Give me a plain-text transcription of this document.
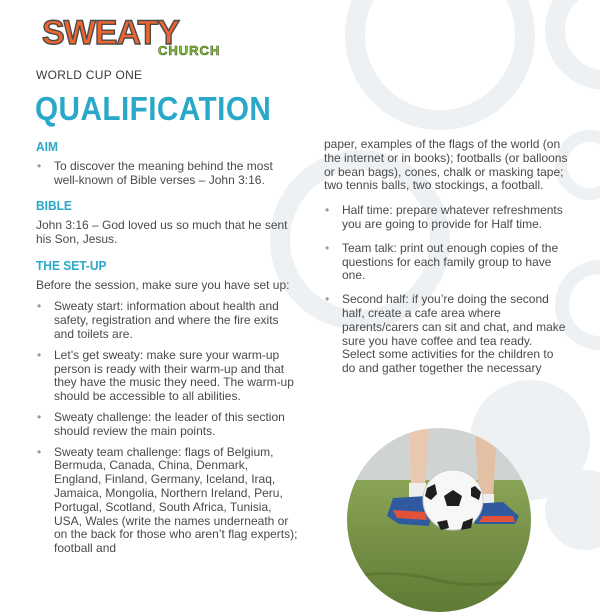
SWEATY
CHURCH
WORLD CUP ONE
QUALIFICATION
AIM
• To discover the meaning behind the most well-known of Bible verses – John 3:16.
BIBLE

John 3:16 – God loved us so much that he sent his Son, Jesus.

THE SET-UP

Before the session, make sure you have set up:

• Sweaty start: information about health and safety, registration and where the fire exits and toilets are.
• Let’s get sweaty: make sure your warm-up person is ready with their warm-up and that they have the music they need. The warm-up should be accessible to all abilities.
• Sweaty challenge: the leader of this section should review the main points.
• Sweaty team challenge: flags of Belgium, Bermuda, Canada, China, Denmark, England, Finland, Germany, Iceland, Iraq, Jamaica, Mongolia, Northern Ireland, Peru, Portugal, Scotland, South Africa, Tunisia, USA, Wales (write the names underneath or on the back for those who aren’t flag experts); football and

paper, examples of the flags of the world (on the internet or in books); footballs (or balloons or bean bags), cones, chalk or masking tape; two tennis balls, two stockings, a football.

• Half time: prepare whatever refreshments you are going to provide for Half time.
• Team talk: print out enough copies of the questions for each family group to have one.
• Second half: if you’re doing the second half, create a cafe area where parents/carers can sit and chat, and make sure you have coffee and tea ready. Select some activities for the children to do and gather together the necessary
